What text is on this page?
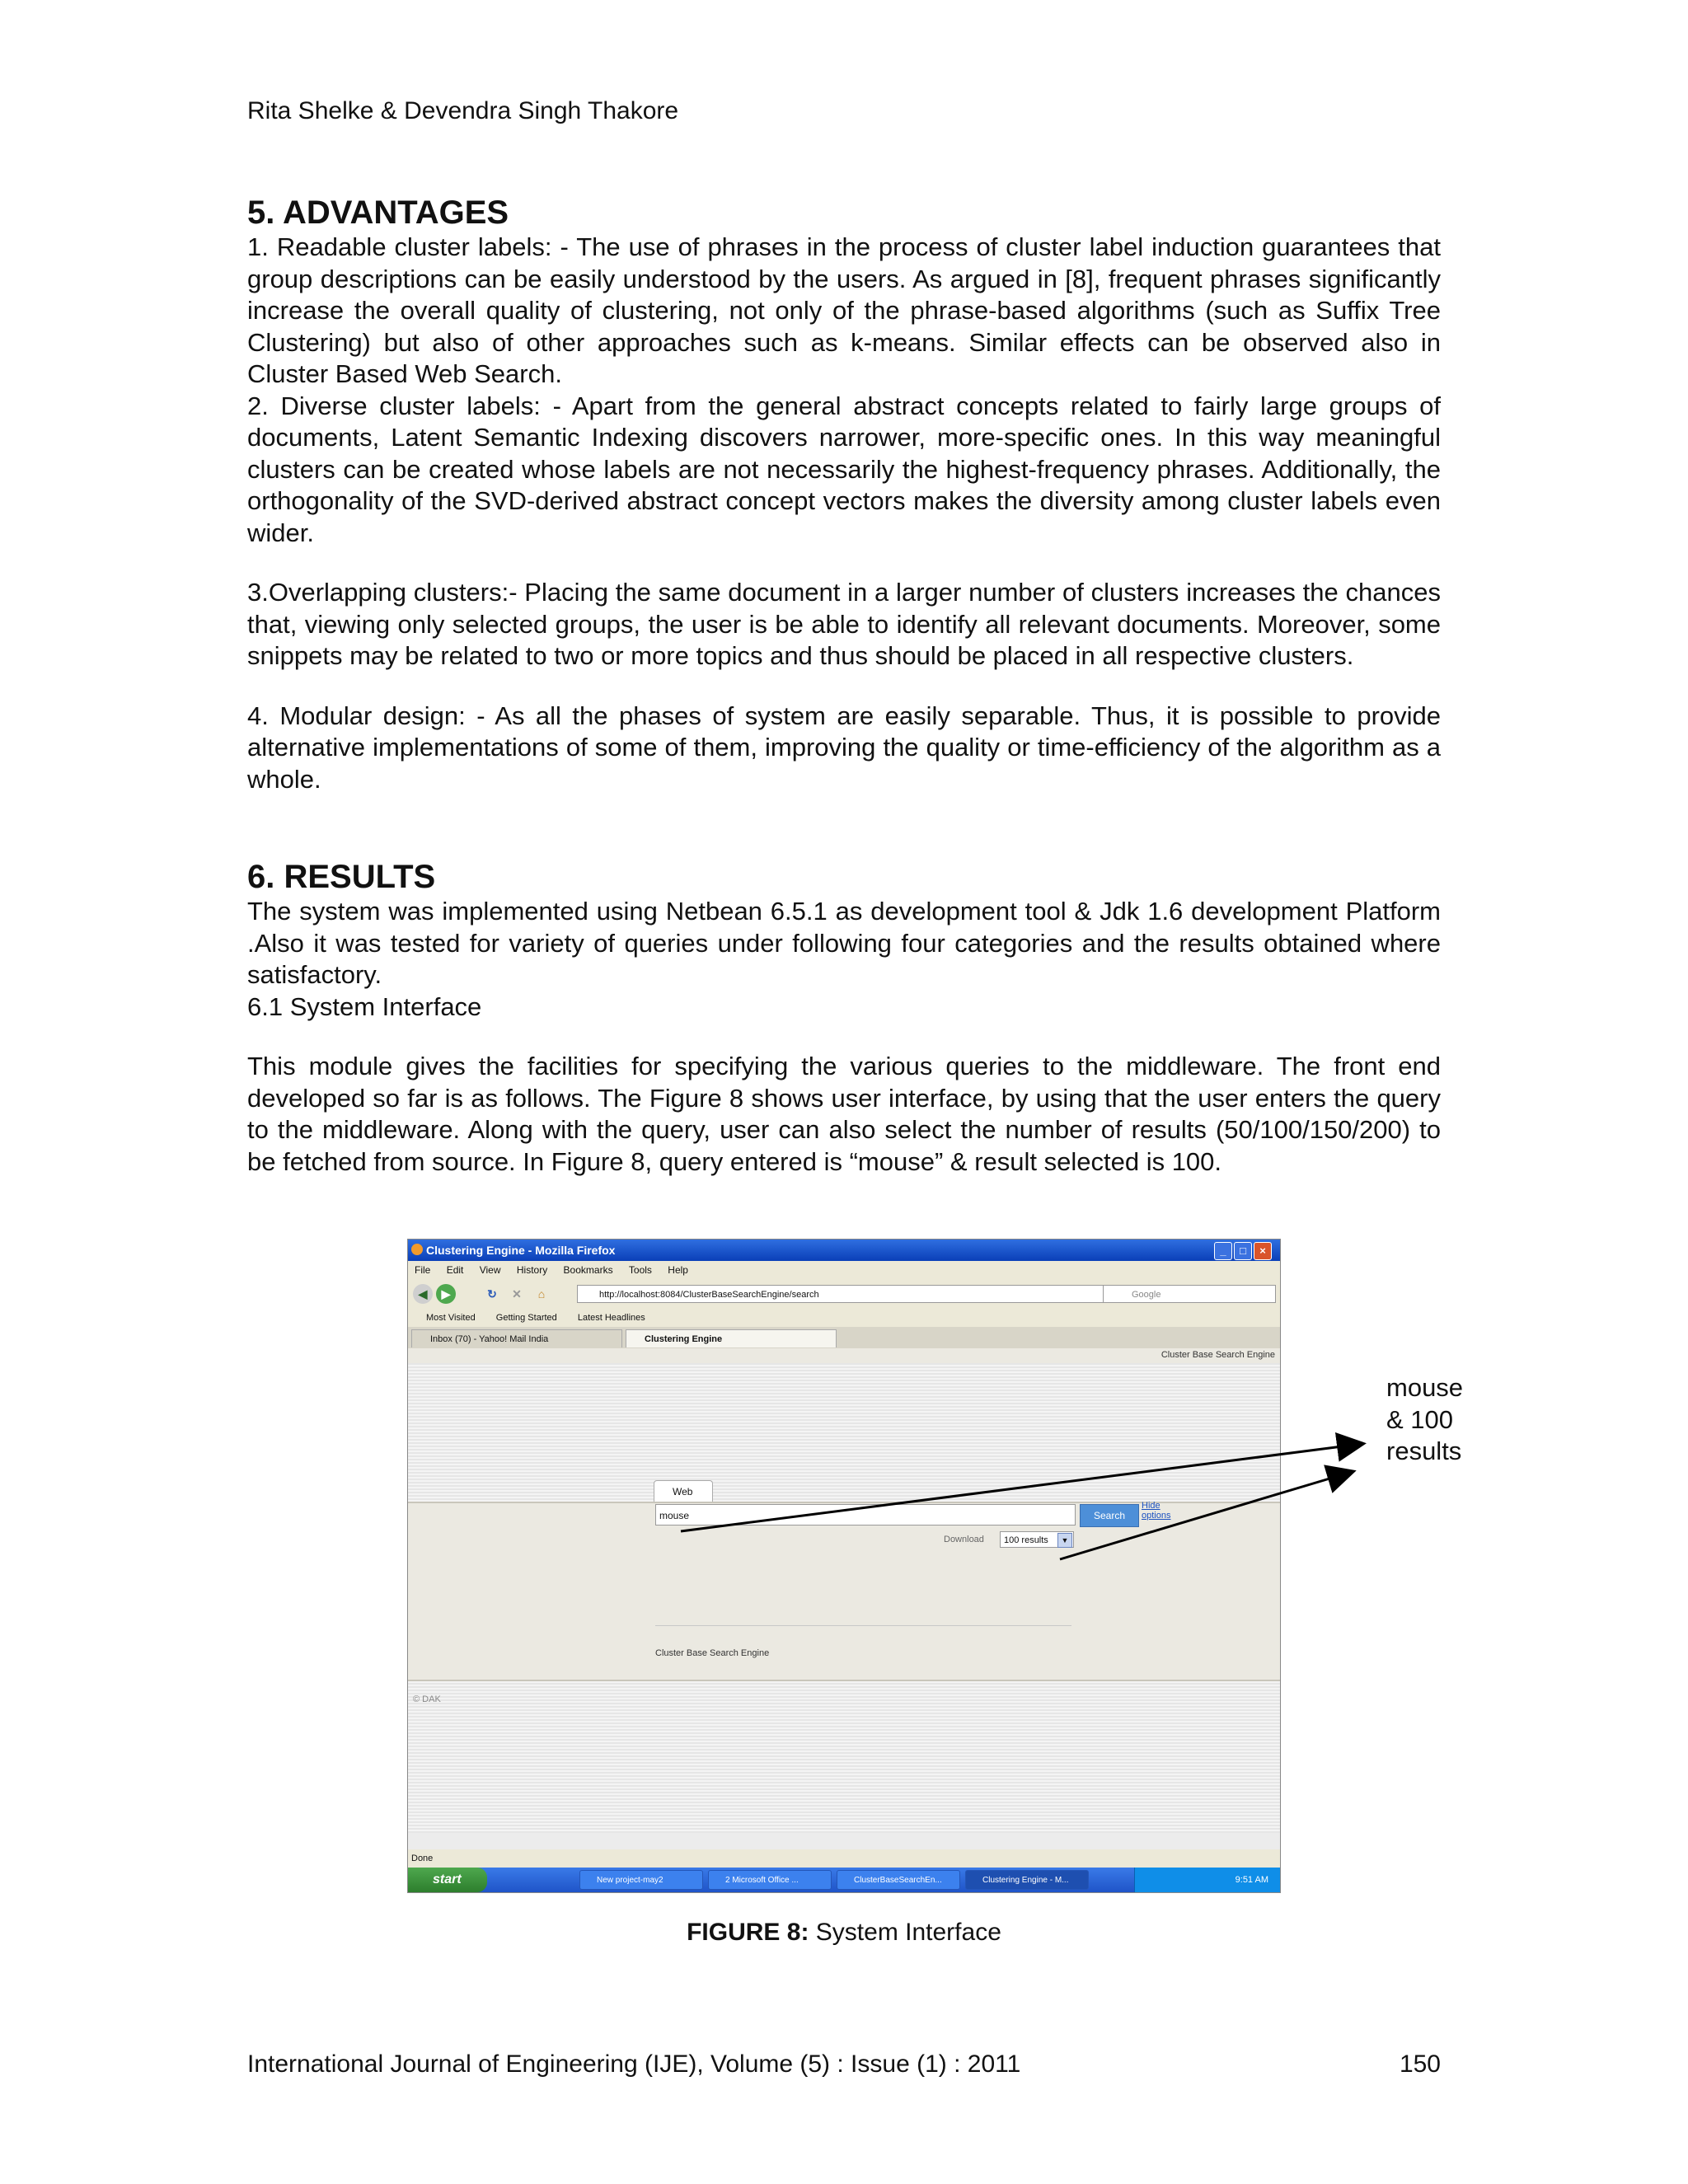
Rita Shelke & Devendra Singh Thakore
5. ADVANTAGES

1. Readable cluster labels: - The use of phrases in the process of cluster label induction guarantees that group descriptions can be easily understood by the users. As argued in [8], frequent phrases significantly increase the overall quality of clustering, not only of the phrase-based algorithms (such as Suffix Tree Clustering) but also of other approaches such as k-means. Similar effects can be observed also in Cluster Based Web Search.

2. Diverse cluster labels: - Apart from the general abstract concepts related to fairly large groups of documents, Latent Semantic Indexing discovers narrower, more-specific ones. In this way meaningful clusters can be created whose labels are not necessarily the highest-frequency phrases. Additionally, the orthogonality of the SVD-derived abstract concept vectors makes the diversity among cluster labels even wider.

3.Overlapping clusters:- Placing the same document in a larger number of clusters increases the chances that, viewing only selected groups, the user is be able to identify all relevant documents. Moreover, some snippets may be related to two or more topics and thus should be placed in all respective clusters.

4. Modular design: - As all the phases of system are easily separable. Thus, it is possible to provide alternative implementations of some of them, improving the quality or time-efficiency of the algorithm as a whole.

6. RESULTS

The system was implemented using Netbean 6.5.1 as development tool & Jdk 1.6 development Platform .Also it was tested for variety of queries under following four categories and the results obtained where satisfactory.

6.1 System Interface

This module gives the facilities for specifying the various queries to the middleware. The front end developed so far is as follows. The Figure 8 shows user interface, by using that the user enters the query to the middleware. Along with the query, user can also select the number of results (50/100/150/200) to be fetched from source. In Figure 8, query entered is “mouse” & result selected is 100.

Clustering Engine - Mozilla Firefox	_	□	×
File Edit View History Bookmarks Tools Help
◀	▶	↻	✕	⌂	http://localhost:8084/ClusterBaseSearchEngine/search	Google
Most Visited Getting Started Latest Headlines
Inbox (70) - Yahoo! Mail India	Clustering Engine
Cluster Base Search Engine
Web
mouse	Search
Hide options
Download	100 results	▼
Cluster Base Search Engine
© DAK
Done
start	New project-may2	2 Microsoft Office ...	ClusterBaseSearchEn...	Clustering Engine - M...	9:51 AM
mouse & 100 results
FIGURE 8: System Interface
International Journal of Engineering (IJE), Volume (5) : Issue (1) : 2011	150
